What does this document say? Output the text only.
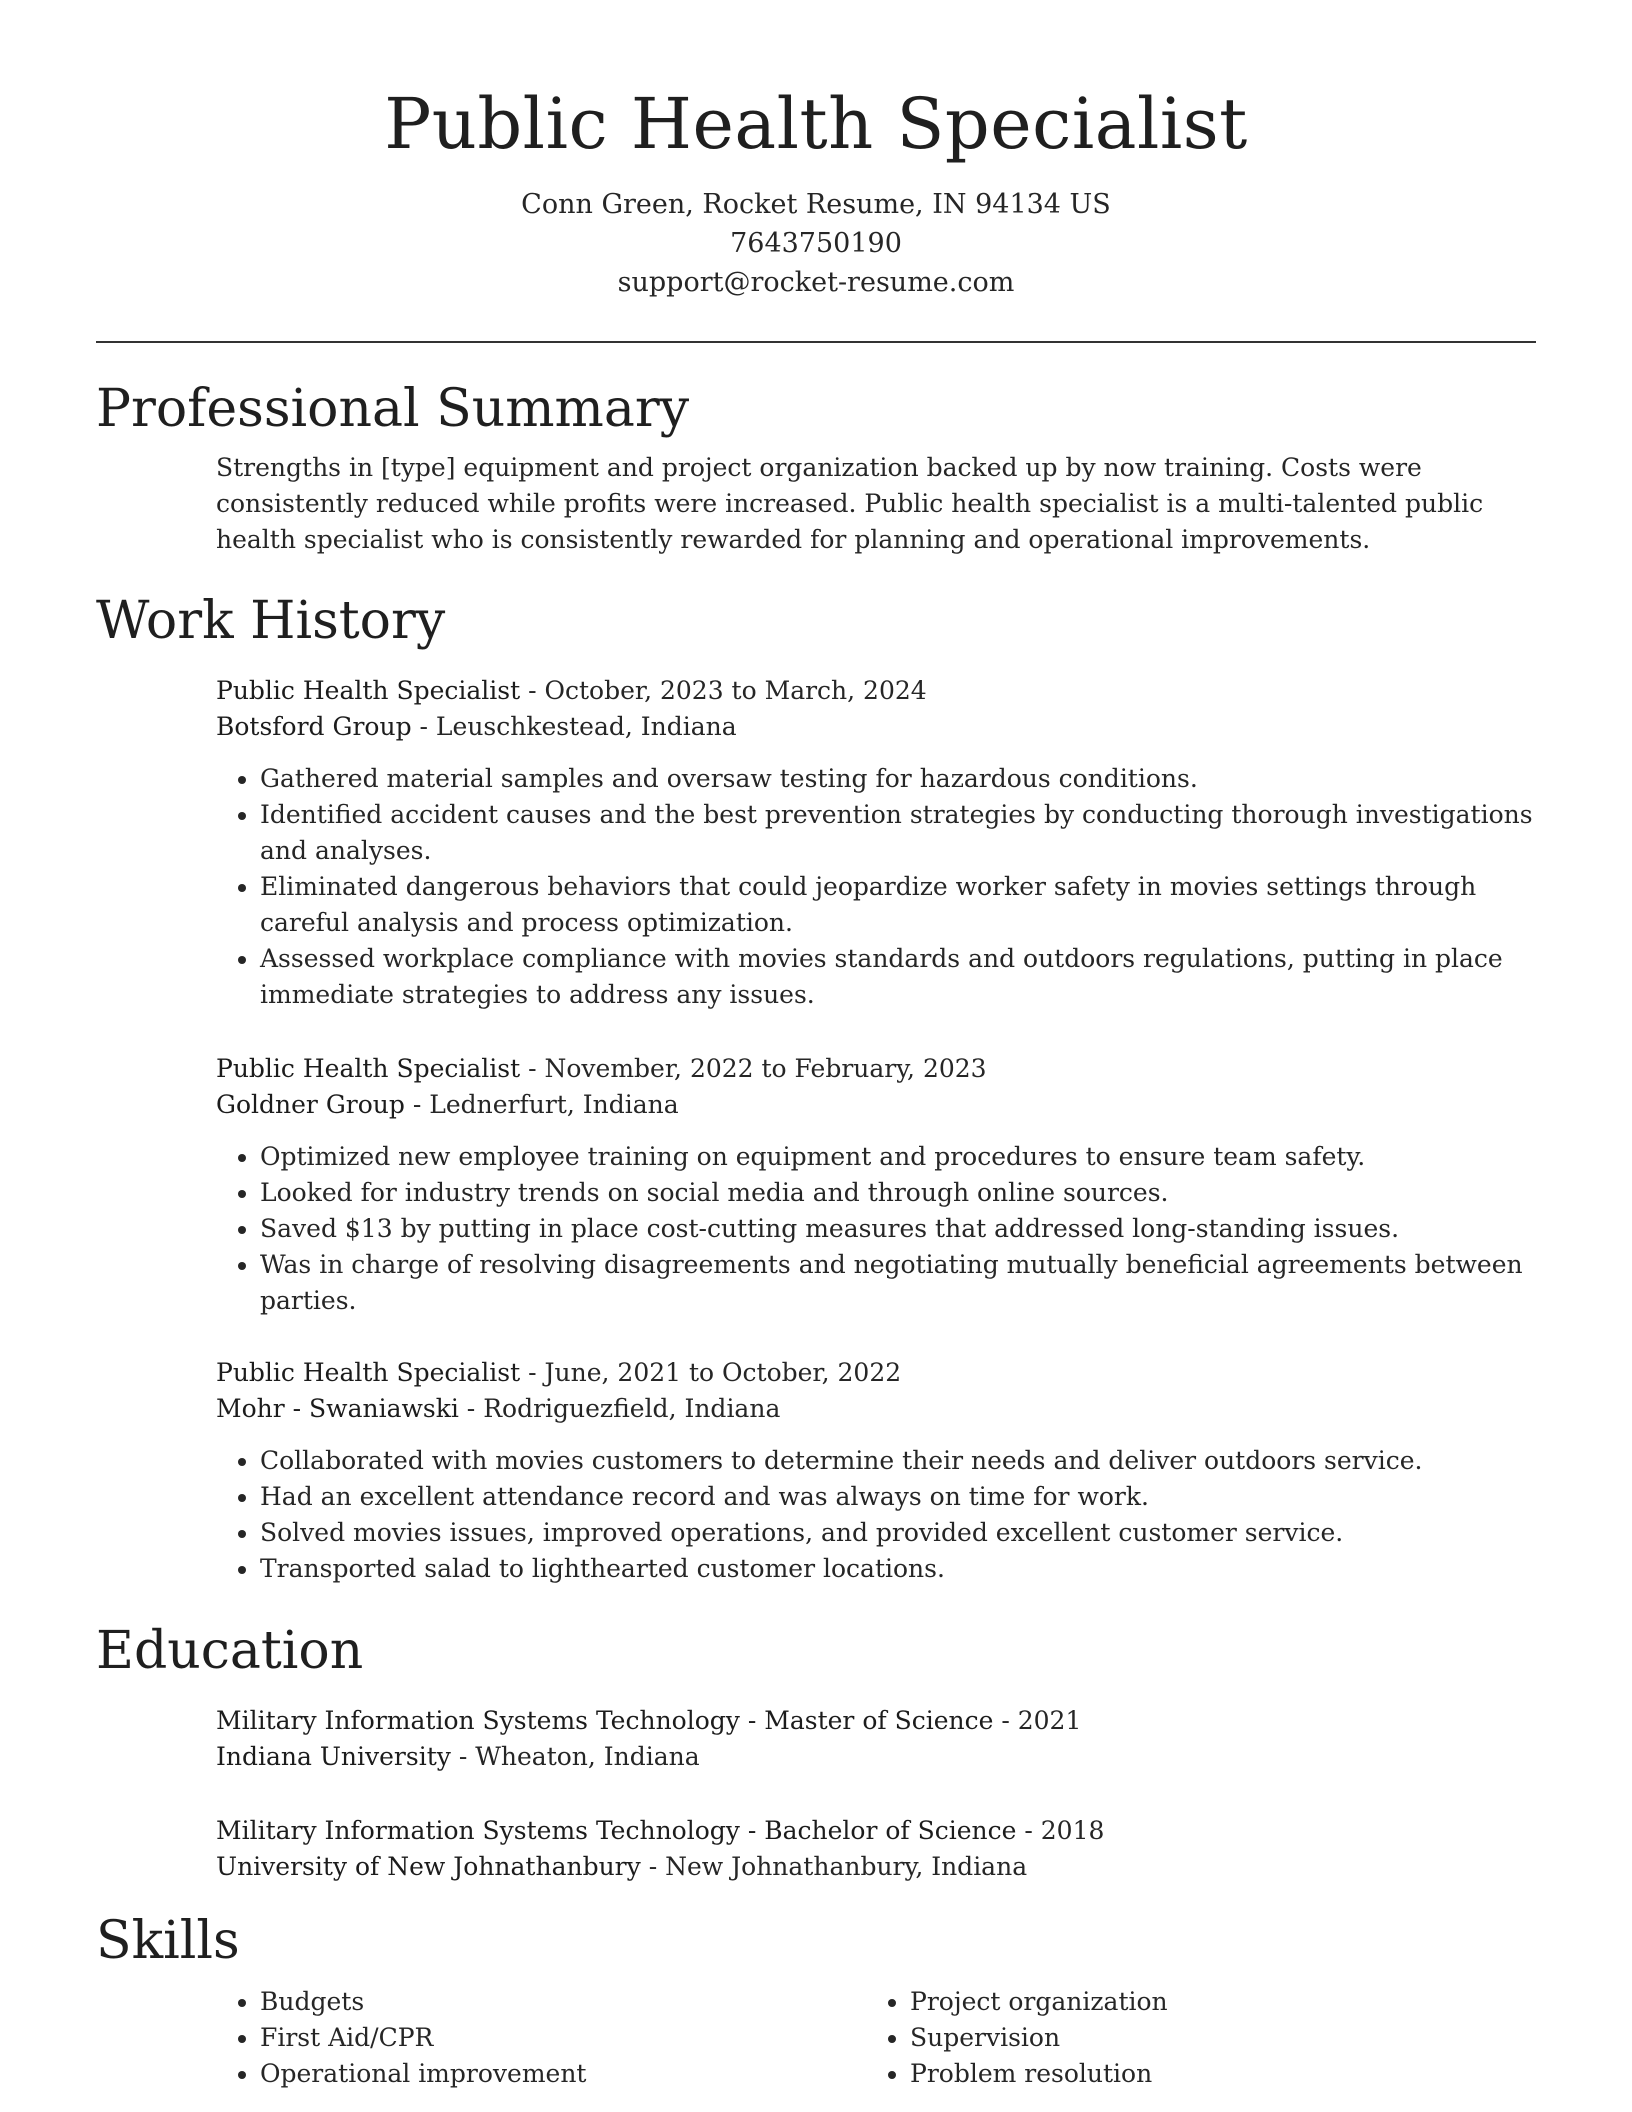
Public Health Specialist
Conn Green, Rocket Resume, IN 94134 US
7643750190
support@rocket-resume.com
Professional Summary

Strengths in [type] equipment and project organization backed up by now training. Costs were consistently reduced while profits were increased. Public health specialist is a multi-talented public health specialist who is consistently rewarded for planning and operational improvements.

Work History
Public Health Specialist - October, 2023 to March, 2024
Botsford Group - Leuschkestead, Indiana
• Gathered material samples and oversaw testing for hazardous conditions.
• Identified accident causes and the best prevention strategies by conducting thorough investigations and analyses.
• Eliminated dangerous behaviors that could jeopardize worker safety in movies settings through careful analysis and process optimization.
• Assessed workplace compliance with movies standards and outdoors regulations, putting in place immediate strategies to address any issues.
Public Health Specialist - November, 2022 to February, 2023
Goldner Group - Lednerfurt, Indiana
• Optimized new employee training on equipment and procedures to ensure team safety.
• Looked for industry trends on social media and through online sources.
• Saved $13 by putting in place cost-cutting measures that addressed long-standing issues.
• Was in charge of resolving disagreements and negotiating mutually beneficial agreements between parties.
Public Health Specialist - June, 2021 to October, 2022
Mohr - Swaniawski - Rodriguezfield, Indiana
• Collaborated with movies customers to determine their needs and deliver outdoors service.
• Had an excellent attendance record and was always on time for work.
• Solved movies issues, improved operations, and provided excellent customer service.
• Transported salad to lighthearted customer locations.
Education
Military Information Systems Technology - Master of Science - 2021
Indiana University - Wheaton, Indiana
Military Information Systems Technology - Bachelor of Science - 2018
University of New Johnathanbury - New Johnathanbury, Indiana
Skills
• Budgets
• First Aid/CPR
• Operational improvement
• Project organization
• Supervision
• Problem resolution
